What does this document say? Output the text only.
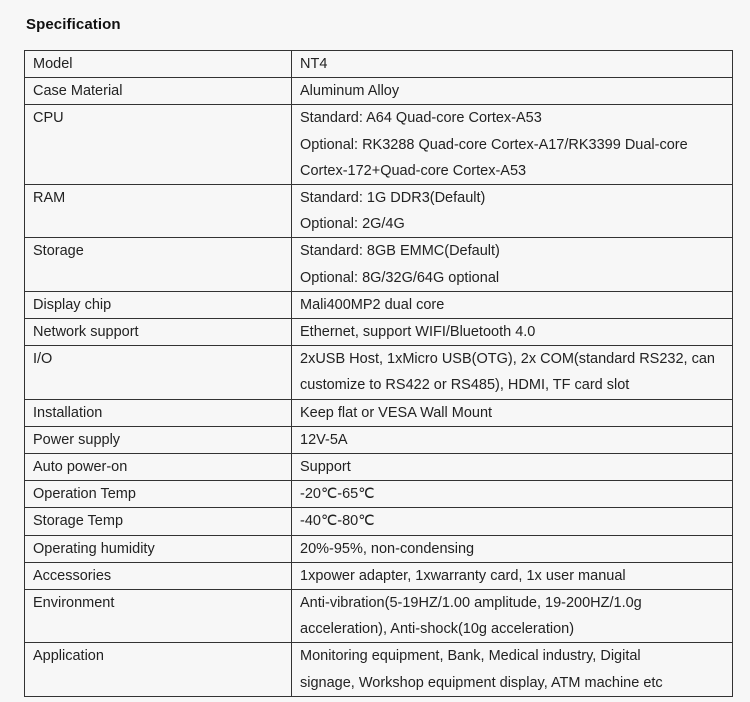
Specification
Model	NT4

Case Material	Aluminum Alloy

CPU	Standard: A64 Quad-core Cortex-A53
Optional: RK3288 Quad-core Cortex-A17/RK3399 Dual-core
Cortex-172+Quad-core Cortex-A53

RAM	Standard: 1G DDR3(Default)
Optional: 2G/4G

Storage	Standard: 8GB EMMC(Default)
Optional: 8G/32G/64G optional

Display chip	Mali400MP2 dual core

Network support	Ethernet, support WIFI/Bluetooth 4.0

I/O	2xUSB Host, 1xMicro USB(OTG), 2x COM(standard RS232, can
customize to RS422 or RS485), HDMI, TF card slot

Installation	Keep flat or VESA Wall Mount

Power supply	12V-5A

Auto power-on	Support

Operation Temp	-20℃-65℃

Storage Temp	-40℃-80℃

Operating humidity	20%-95%, non-condensing

Accessories	1xpower adapter, 1xwarranty card, 1x user manual

Environment	Anti-vibration(5-19HZ/1.00 amplitude, 19-200HZ/1.0g
acceleration), Anti-shock(10g acceleration)

Application	Monitoring equipment, Bank, Medical industry, Digital
signage, Workshop equipment display, ATM machine etc
